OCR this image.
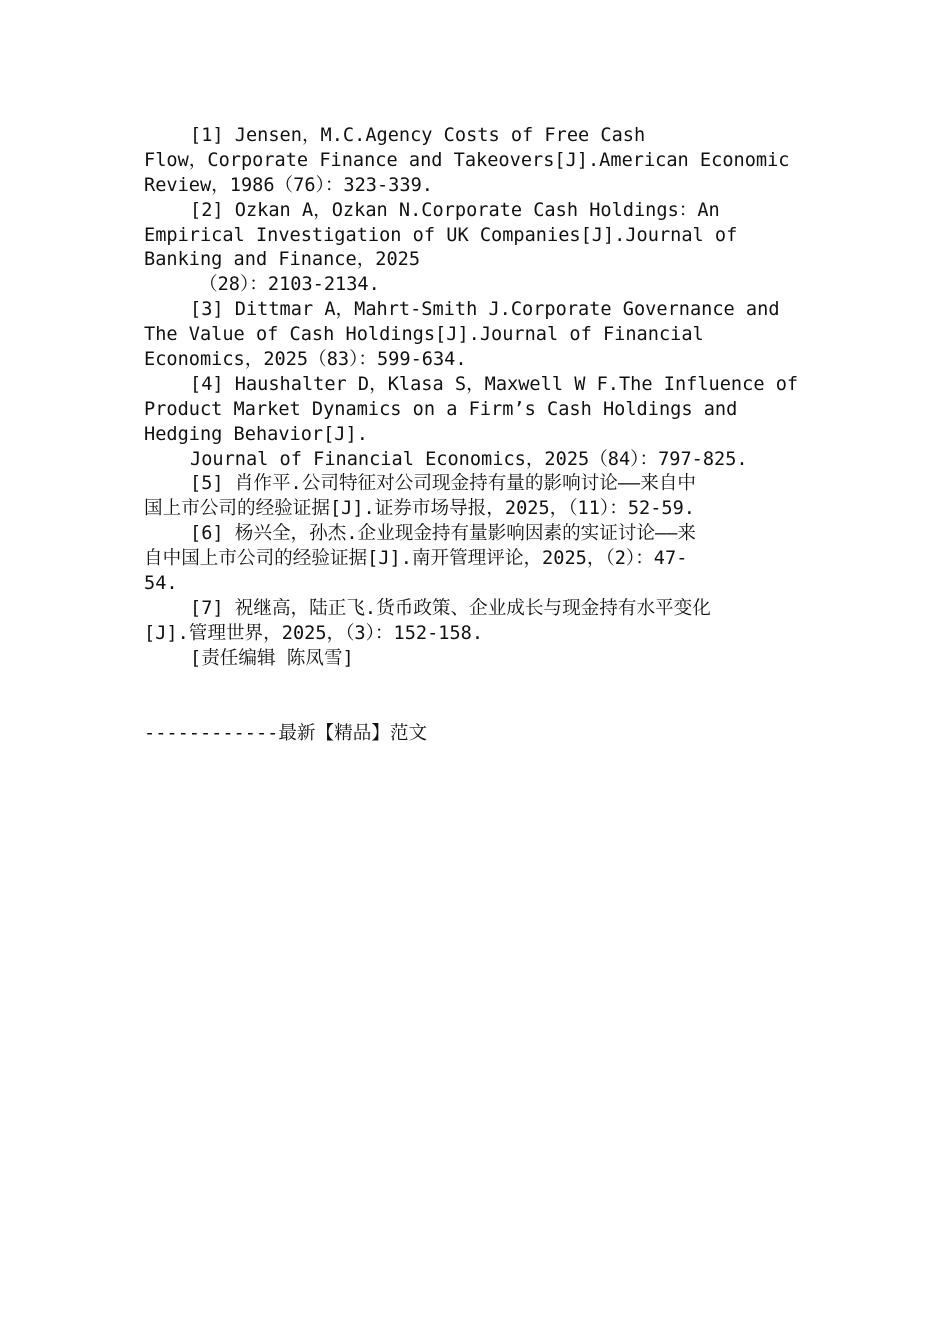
[1] Jensen，M.C.Agency Costs of Free Cash
Flow，Corporate Finance and Takeovers[J].American Economic
Review，1986（76）：323-339.
[2] Ozkan A，Ozkan N.Corporate Cash Holdings：An
Empirical Investigation of UK Companies[J].Journal of
Banking and Finance，2025
（28）：2103-2134.
[3] Dittmar A，Mahrt-Smith J.Corporate Governance and
The Value of Cash Holdings[J].Journal of Financial
Economics，2025（83）：599-634.
[4] Haushalter D，Klasa S，Maxwell W F.The Influence of
Product Market Dynamics on a Firm’s Cash Holdings and
Hedging Behavior[J].
Journal of Financial Economics，2025（84）：797-825.
[5] 肖作平.公司特征对公司现金持有量的影响讨论——来自中
国上市公司的经验证据[J].证券市场导报，2025，（11）：52-59.
[6] 杨兴全，孙杰.企业现金持有量影响因素的实证讨论——来
自中国上市公司的经验证据[J].南开管理评论，2025，（2）：47-
54.
[7] 祝继高，陆正飞.货币政策、企业成长与现金持有水平变化
[J].管理世界，2025，（3）：152-158.
[责任编辑 陈凤雪]
------------最新【精品】范文
